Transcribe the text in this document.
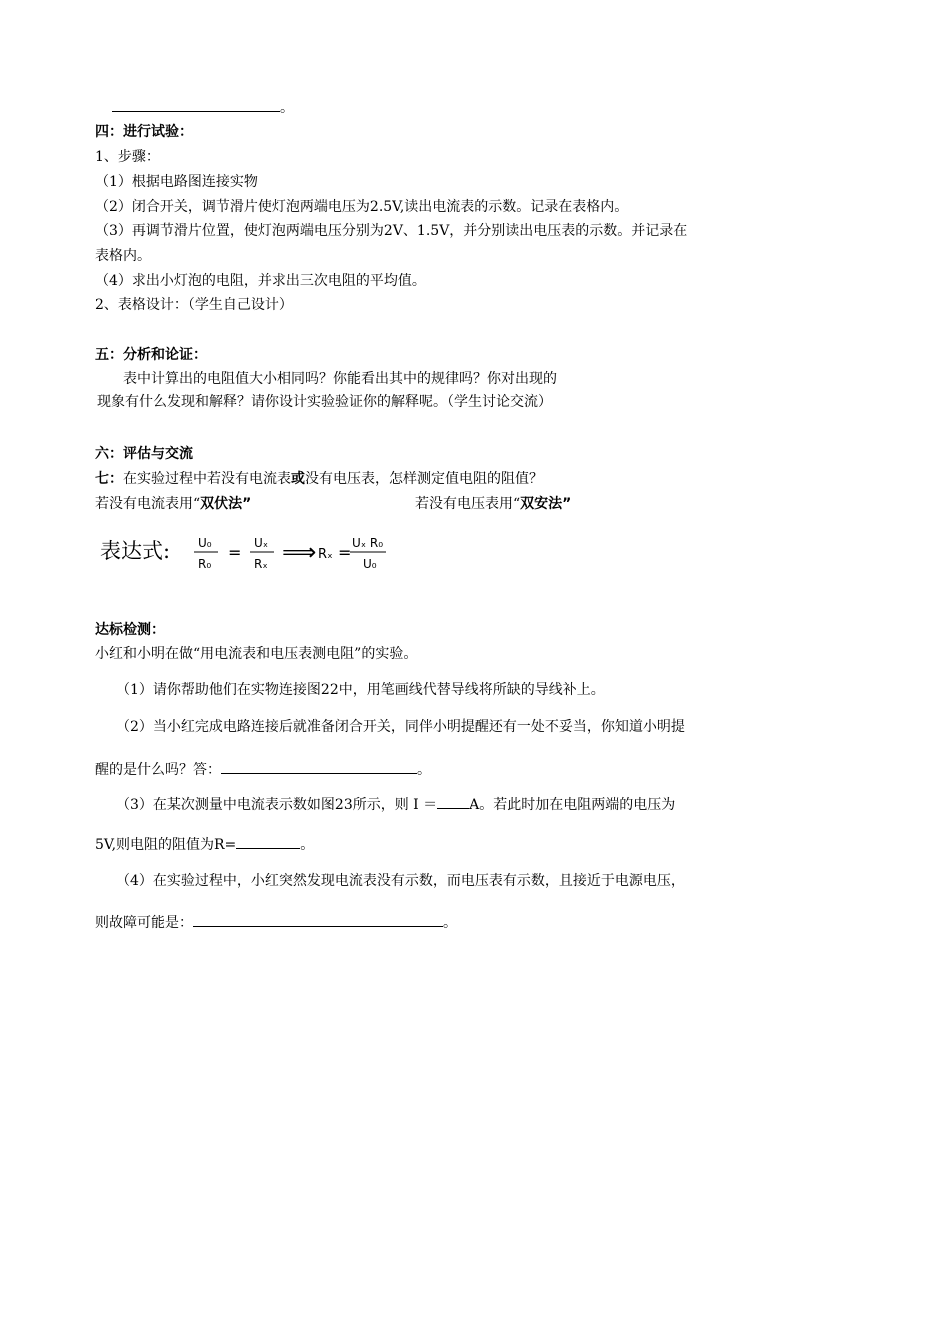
。
四：进行试验：
1、步骤：
（1）根据电路图连接实物
（2）闭合开关，调节滑片使灯泡两端电压为2.5V,读出电流表的示数。记录在表格内。
（3）再调节滑片位置，使灯泡两端电压分别为2V、1.5V，并分别读出电压表的示数。并记录在
表格内。
（4）求出小灯泡的电阻，并求出三次电阻的平均值。
2、表格设计：（学生自己设计）
五：分析和论证：
表中计算出的电阻值大小相同吗？你能看出其中的规律吗？你对出现的
现象有什么发现和解释？请你设计实验验证你的解释呢。（学生讨论交流）
六：评估与交流
七：在实验过程中若没有电流表或没有电压表，怎样测定值电阻的阻值？
若没有电流表用“双伏法”	若没有电压表用“双安法”
表达式: U₀
R₀
= Uₓ
Rₓ ⟹ Rₓ = Uₓ R₀
U₀
达标检测：
小红和小明在做“用电流表和电压表测电阻”的实验。
（1）请你帮助他们在实物连接图22中，用笔画线代替导线将所缺的导线补上。
（2）当小红完成电路连接后就准备闭合开关，同伴小明提醒还有一处不妥当，你知道小明提
醒的是什么吗？答：	。
（3）在某次测量中电流表示数如图23所示，则 I ＝ A。若此时加在电阻两端的电压为
5V,则电阻的阻值为R=	。
（4）在实验过程中，小红突然发现电流表没有示数，而电压表有示数，且接近于电源电压，
则故障可能是：	。
